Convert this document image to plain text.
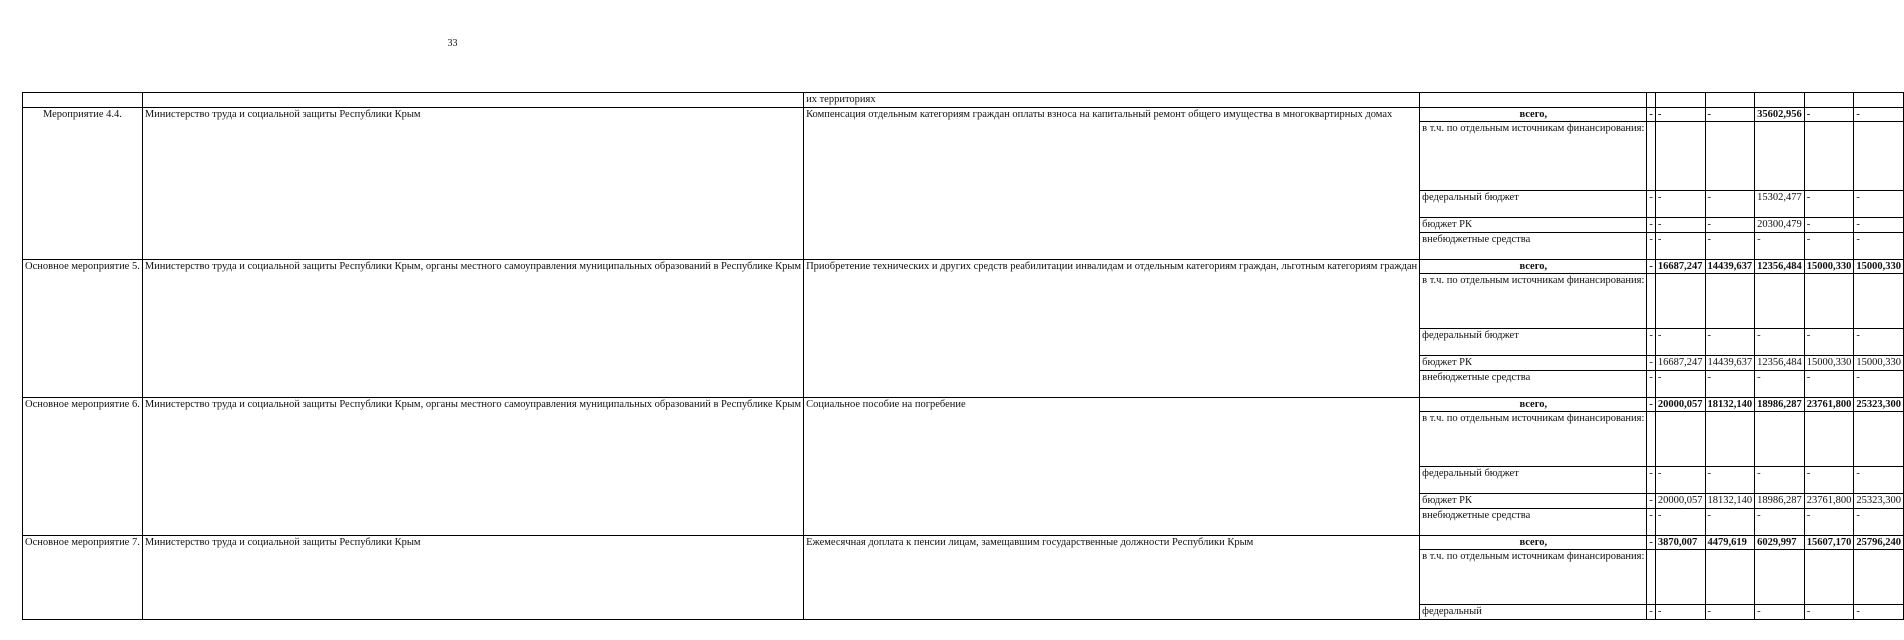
33
		их территориях							
Мероприятие 4.4.	Министерство труда и социальной защиты Республики Крым	Компенсация отдельным категориям граждан оплаты взноса на капитальный ремонт общего имущества в многоквартирных домах	всего,	-	-	-	35602,956	-	-
			в т.ч. по отдельным источникам финансирования:						
			федеральный бюджет	-	-	-	15302,477	-	-
			бюджет РК	-	-	-	20300,479	-	-
			внебюджетные средства	-	-	-	-	-	-
Основное мероприятие 5.	Министерство труда и социальной защиты Республики Крым, органы местного самоуправления муниципальных образований в Республике Крым	Приобретение технических и других средств реабилитации инвалидам и отдельным категориям граждан, льготным категориям граждан	всего,	-	16687,247	14439,637	12356,484	15000,330	15000,330
			в т.ч. по отдельным источникам финансирования:						
			федеральный бюджет	-	-	-	-	-	-
			бюджет РК	-	16687,247	14439,637	12356,484	15000,330	15000,330
			внебюджетные средства	-	-	-	-	-	-
Основное мероприятие 6.	Министерство труда и социальной защиты Республики Крым, органы местного самоуправления муниципальных образований в Республике Крым	Социальное пособие на погребение	всего,	-	20000,057	18132,140	18986,287	23761,800	25323,300
			в т.ч. по отдельным источникам финансирования:						
			федеральный бюджет	-	-	-	-	-	-
			бюджет РК	-	20000,057	18132,140	18986,287	23761,800	25323,300
			внебюджетные средства	-	-	-	-	-	-
Основное мероприятие 7.	Министерство труда и социальной защиты Республики Крым	Ежемесячная доплата к пенсии лицам, замещавшим государственные должности Республики Крым	всего,	-	3870,007	4479,619	6029,997	15607,170	25796,240
			в т.ч. по отдельным источникам финансирования:						
			федеральный	-	-	-	-	-	-
